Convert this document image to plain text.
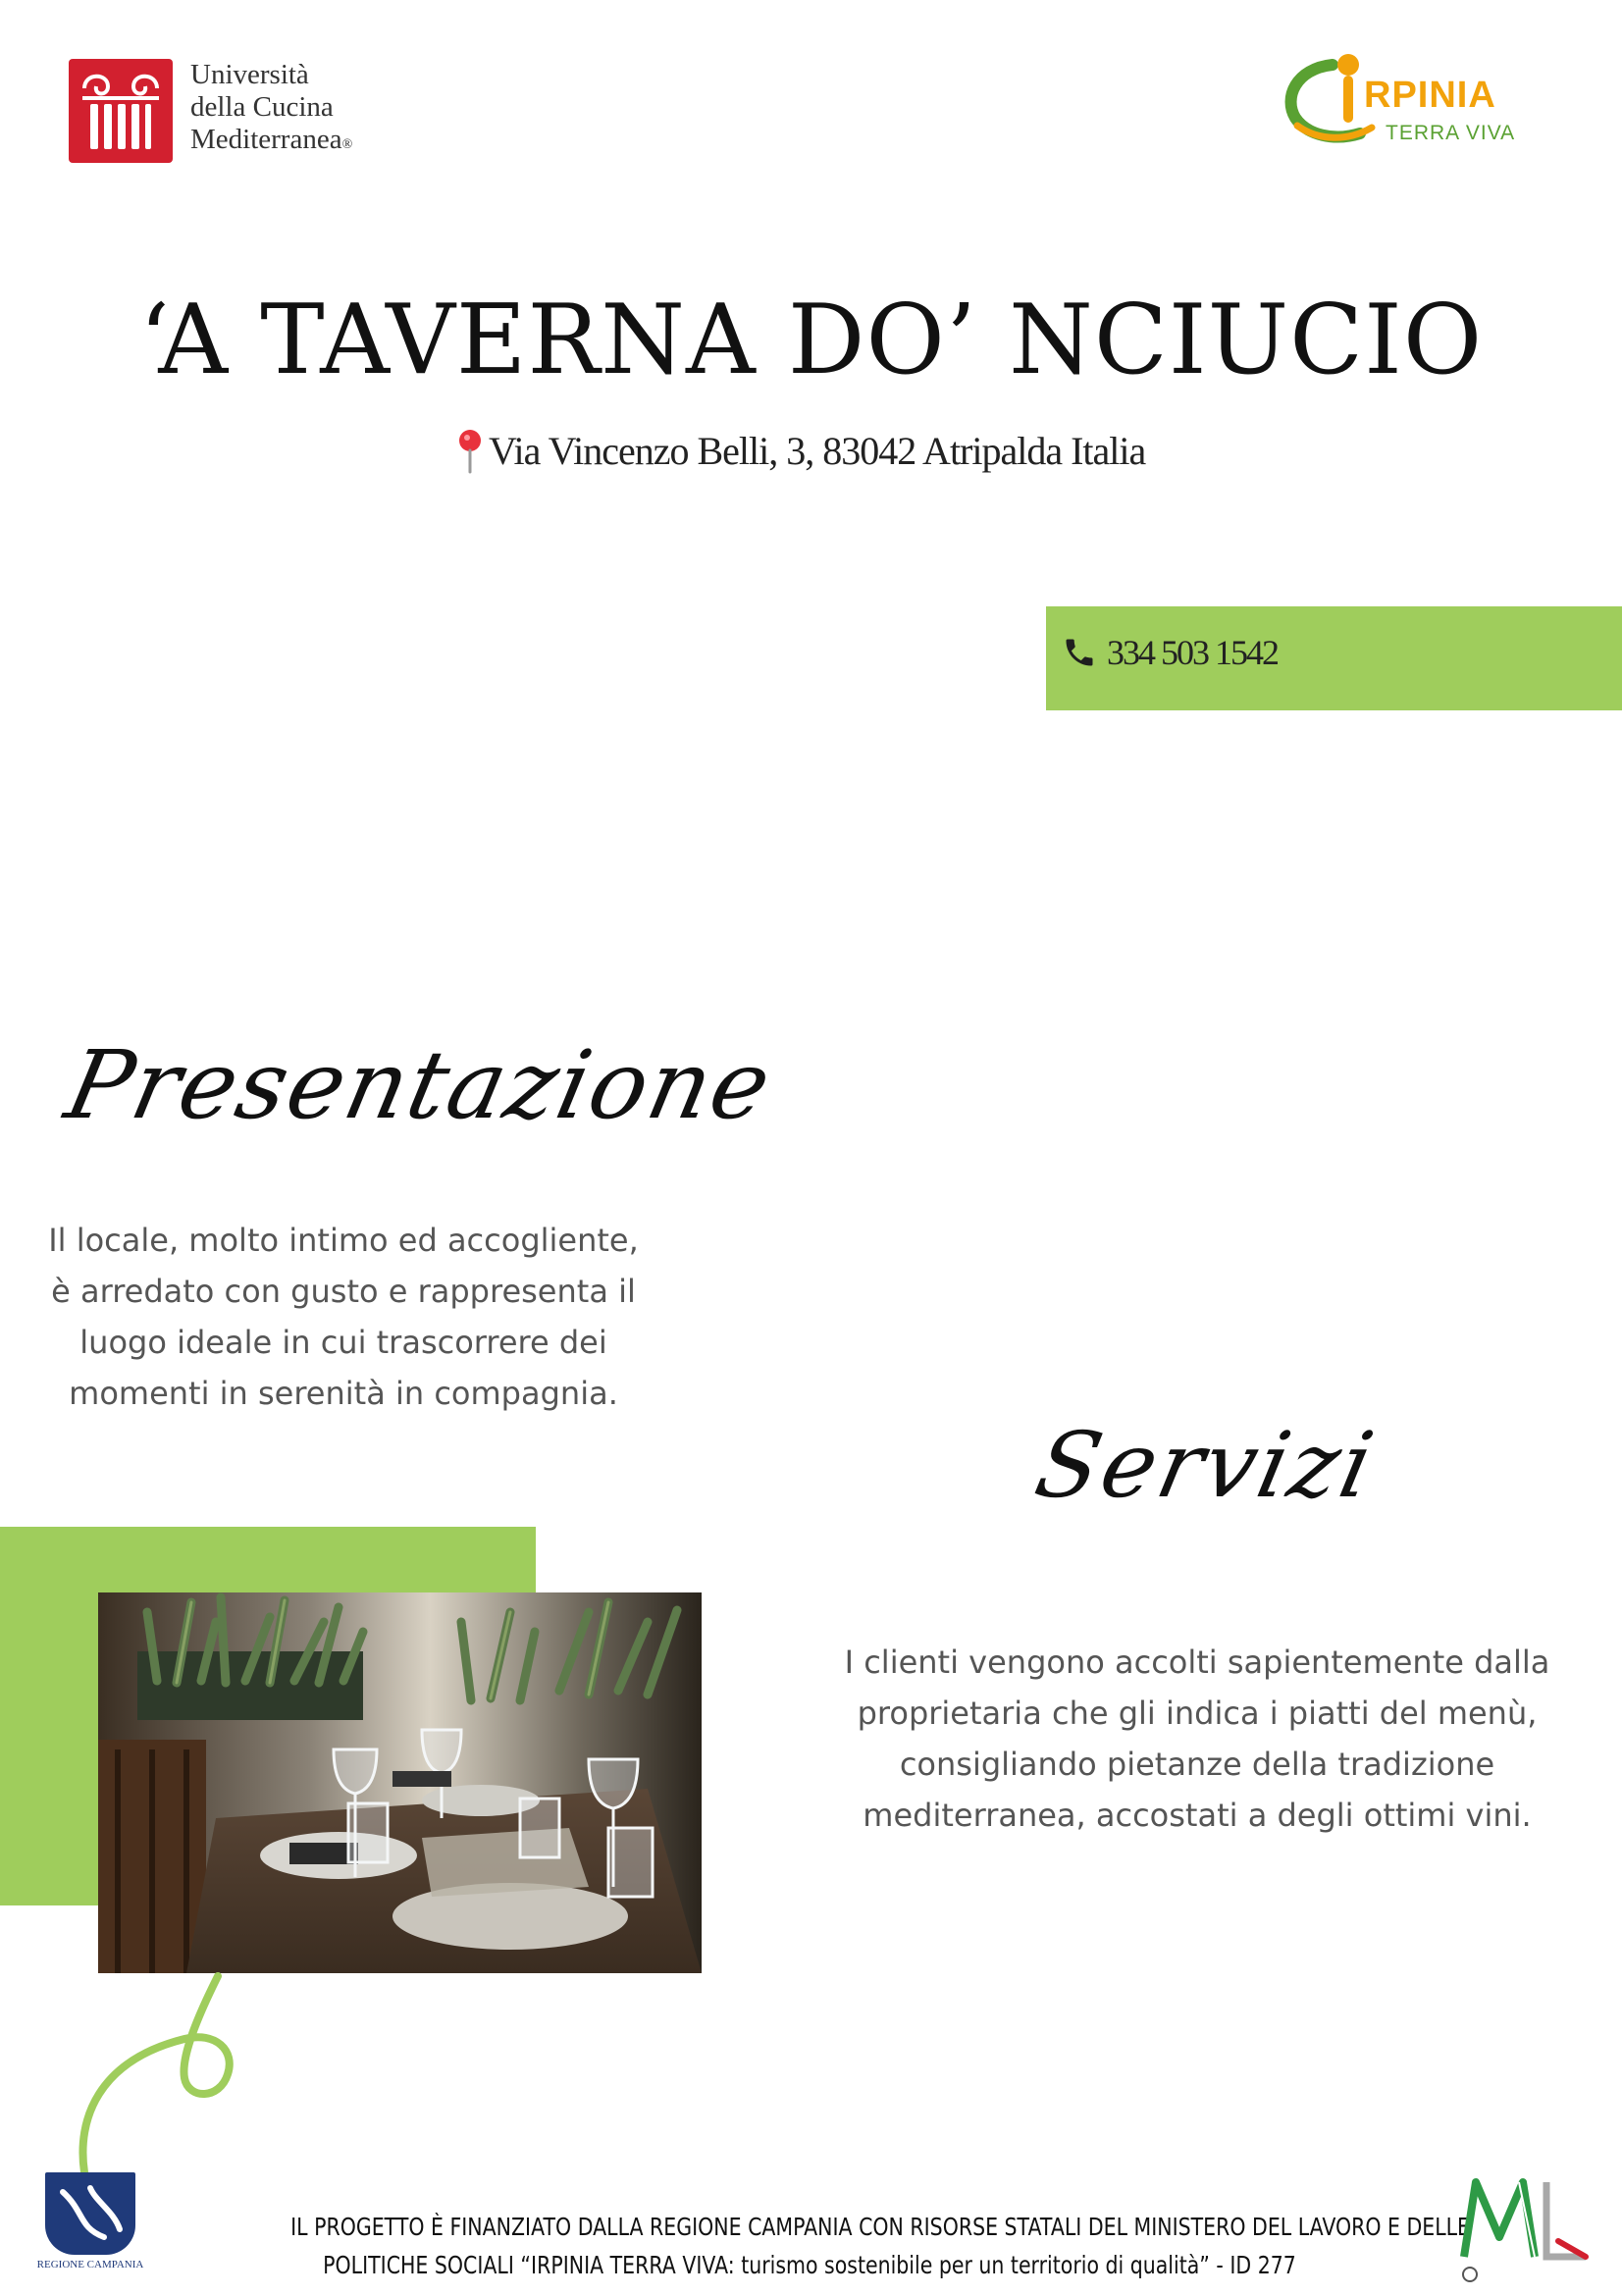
Università
della Cucina
Mediterranea®
RPINIA
TERRA VIVA
‘A TAVERNA DO’ NCIUCIO
Via Vincenzo Belli, 3, 83042 Atripalda Italia
334 503 1542
Presentazione
Il locale, molto intimo ed accogliente,
è arredato con gusto e rappresenta il
luogo ideale in cui trascorrere dei
momenti in serenità in compagnia.
Servizi
I clienti vengono accolti sapientemente dalla
proprietaria che gli indica i piatti del menù,
consigliando pietanze della tradizione
mediterranea, accostati a degli ottimi vini.
REGIONE CAMPANIA
IL PROGETTO È FINANZIATO DALLA REGIONE CAMPANIA CON RISORSE STATALI DEL MINISTERO DEL LAVORO E DELLE
POLITICHE SOCIALI “IRPINIA TERRA VIVA: turismo sostenibile per un territorio di qualità” - ID 277
